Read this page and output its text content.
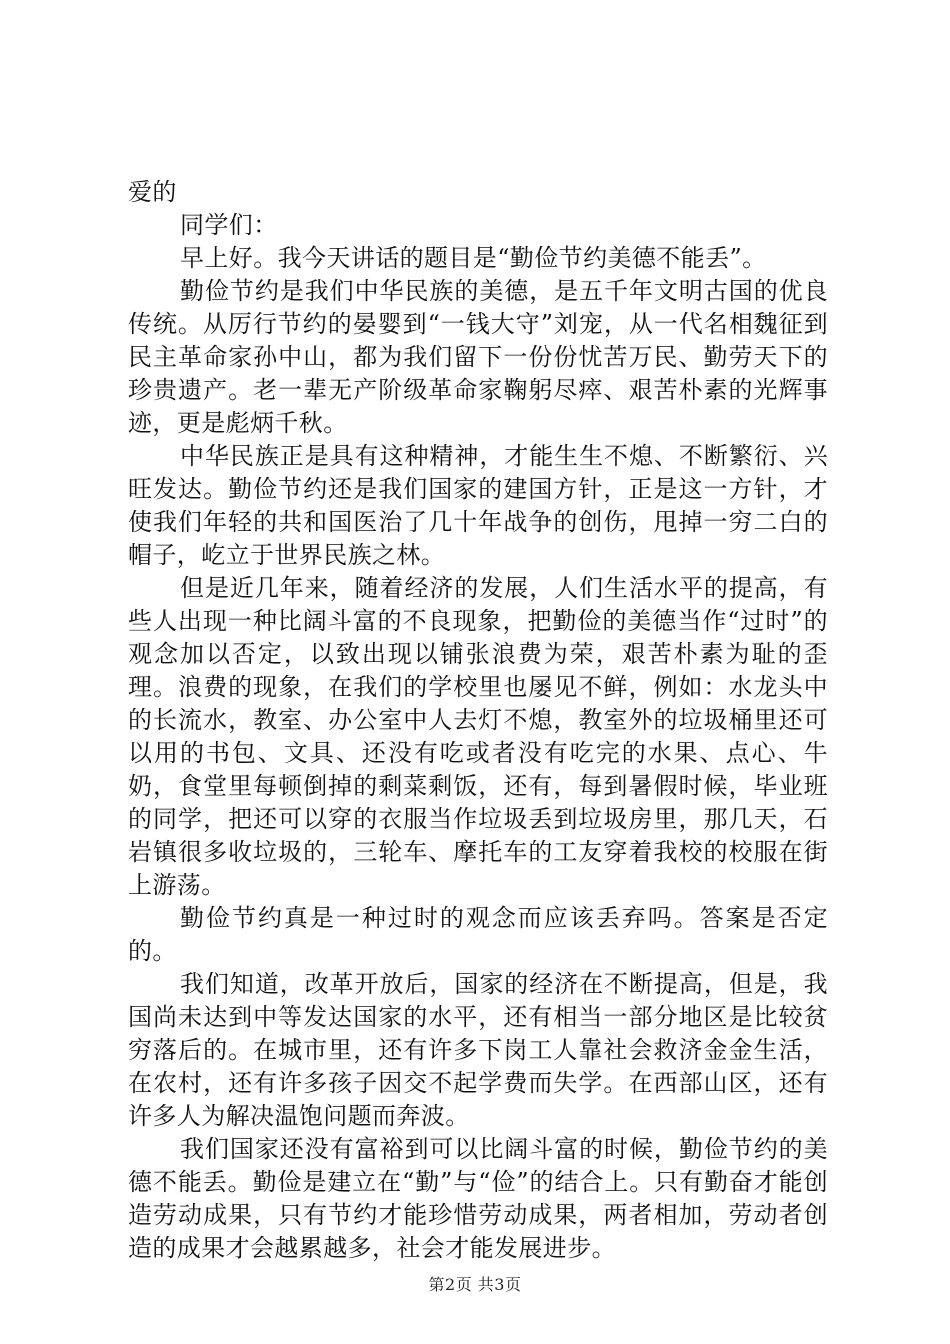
爱的

同学们：

早上好。我今天讲话的题目是“勤俭节约美德不能丢”。

勤俭节约是我们中华民族的美德，是五千年文明古国的优良传统。从厉行节约的晏婴到“一钱大守”刘宠，从一代名相魏征到民主革命家孙中山，都为我们留下一份份忧苦万民、勤劳天下的珍贵遗产。老一辈无产阶级革命家鞠躬尽瘁、艰苦朴素的光辉事迹，更是彪炳千秋。

中华民族正是具有这种精神，才能生生不熄、不断繁衍、兴旺发达。勤俭节约还是我们国家的建国方针，正是这一方针，才使我们年轻的共和国医治了几十年战争的创伤，甩掉一穷二白的帽子，屹立于世界民族之林。

但是近几年来，随着经济的发展，人们生活水平的提高，有些人出现一种比阔斗富的不良现象，把勤俭的美德当作“过时”的观念加以否定，以致出现以铺张浪费为荣，艰苦朴素为耻的歪理。浪费的现象，在我们的学校里也屡见不鲜，例如：水龙头中的长流水，教室、办公室中人去灯不熄，教室外的垃圾桶里还可以用的书包、文具、还没有吃或者没有吃完的水果、点心、牛奶，食堂里每顿倒掉的剩菜剩饭，还有，每到暑假时候，毕业班的同学，把还可以穿的衣服当作垃圾丢到垃圾房里，那几天，石岩镇很多收垃圾的，三轮车、摩托车的工友穿着我校的校服在街上游荡。

勤俭节约真是一种过时的观念而应该丢弃吗。答案是否定的。

我们知道，改革开放后，国家的经济在不断提高，但是，我国尚未达到中等发达国家的水平，还有相当一部分地区是比较贫穷落后的。在城市里，还有许多下岗工人靠社会救济金金生活，在农村，还有许多孩子因交不起学费而失学。在西部山区，还有许多人为解决温饱问题而奔波。

我们国家还没有富裕到可以比阔斗富的时候，勤俭节约的美德不能丢。勤俭是建立在“勤”与“俭”的结合上。只有勤奋才能创造劳动成果，只有节约才能珍惜劳动成果，两者相加，劳动者创造的成果才会越累越多，社会才能发展进步。

第2页 共3页
